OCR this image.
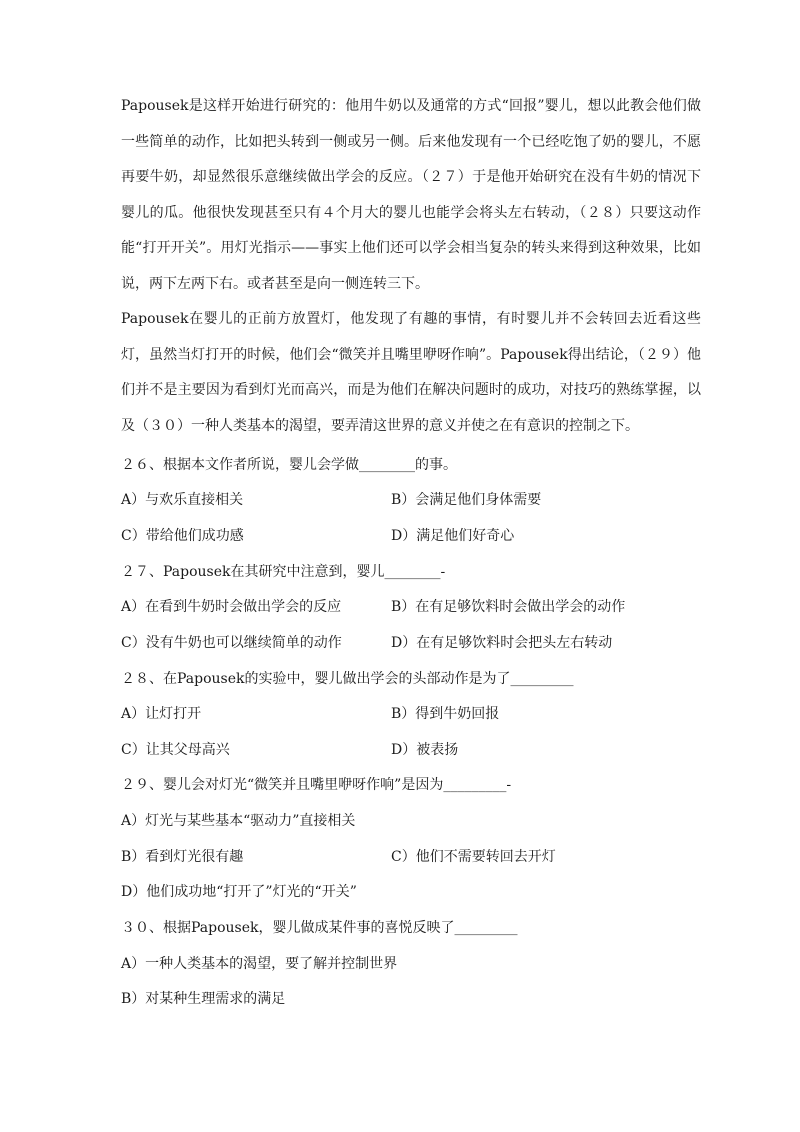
Papousek是这样开始进行研究的：他用牛奶以及通常的方式“回报”婴儿，想以此教会他们做一些简单的动作，比如把头转到一侧或另一侧。后来他发现有一个已经吃饱了奶的婴儿，不愿再要牛奶，却显然很乐意继续做出学会的反应。（２７）于是他开始研究在没有牛奶的情况下婴儿的瓜。他很快发现甚至只有４个月大的婴儿也能学会将头左右转动，（２８）只要这动作能“打开开关”。用灯光指示——事实上他们还可以学会相当复杂的转头来得到这种效果，比如说，两下左两下右。或者甚至是向一侧连转三下。

Papousek在婴儿的正前方放置灯，他发现了有趣的事情，有时婴儿并不会转回去近看这些灯，虽然当灯打开的时候，他们会“微笑并且嘴里咿呀作响”。Papousek得出结论，（２９）他们并不是主要因为看到灯光而高兴，而是为他们在解决问题时的成功，对技巧的熟练掌握，以及（３０）一种人类基本的渴望，要弄清这世界的意义并使之在有意识的控制之下。

２６、根据本文作者所说，婴儿会学做________的事。
A）与欢乐直接相关	B）会满足他们身体需要
C）带给他们成功感	D）满足他们好奇心
２７、Papousek在其研究中注意到，婴儿________-
A）在看到牛奶时会做出学会的反应	B）在有足够饮料时会做出学会的动作
C）没有牛奶也可以继续简单的动作	D）在有足够饮料时会把头左右转动
２８、在Papousek的实验中，婴儿做出学会的头部动作是为了_________
A）让灯打开	B）得到牛奶回报
C）让其父母高兴	D）被表扬
２９、婴儿会对灯光“微笑并且嘴里咿呀作响”是因为_________-
A）灯光与某些基本“驱动力”直接相关
B）看到灯光很有趣	C）他们不需要转回去开灯
D）他们成功地“打开了”灯光的“开关”
３０、根据Papousek，婴儿做成某件事的喜悦反映了_________
A）一种人类基本的渴望，要了解并控制世界
B）对某种生理需求的满足
